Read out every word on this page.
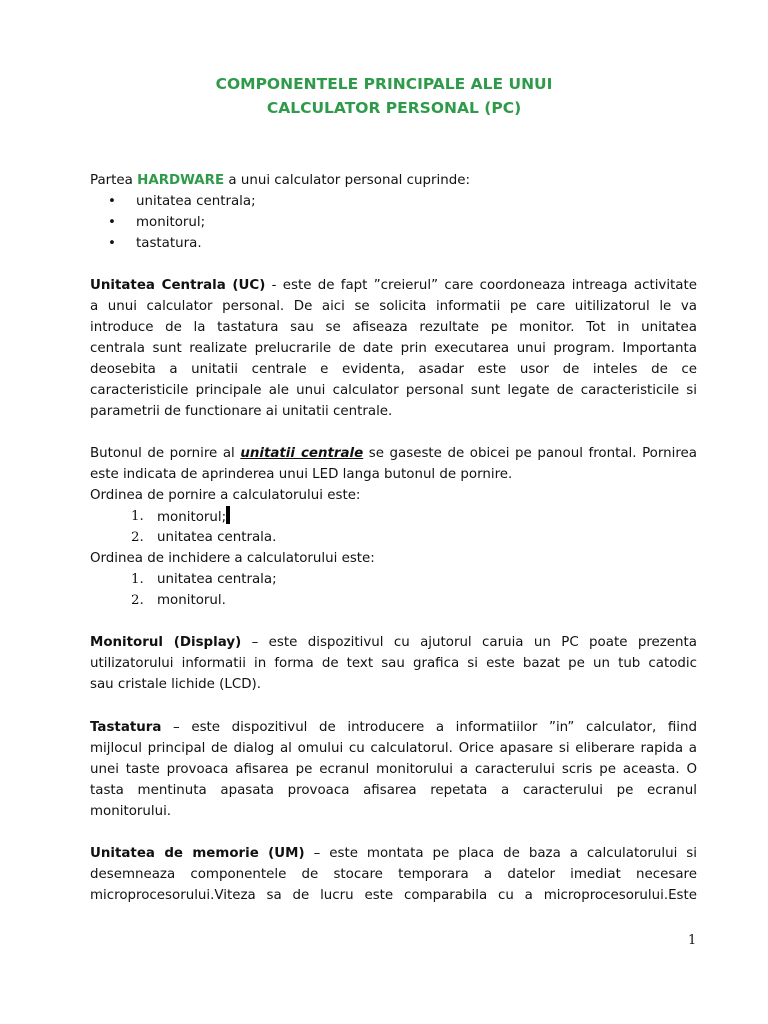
COMPONENTELE PRINCIPALE ALE UNUI
CALCULATOR PERSONAL (PC)
Partea HARDWARE a unui calculator personal cuprinde:
• unitatea centrala;
• monitorul;
• tastatura.
Unitatea Centrala (UC) - este de fapt ”creierul” care coordoneaza intreaga activitate
a unui calculator personal. De aici se solicita informatii pe care uitilizatorul le va
introduce de la tastatura sau se afiseaza rezultate pe monitor. Tot in unitatea
centrala sunt realizate prelucrarile de date prin executarea unui program. Importanta
deosebita a unitatii centrale e evidenta, asadar este usor de inteles de ce
caracteristicile principale ale unui calculator personal sunt legate de caracteristicile si
parametrii de functionare ai unitatii centrale.
Butonul de pornire al unitatii centrale se gaseste de obicei pe panoul frontal. Pornirea
este indicata de aprinderea unui LED langa butonul de pornire.
Ordinea de pornire a calculatorului este:
1. monitorul;
2. unitatea centrala.
Ordinea de inchidere a calculatorului este:
1. unitatea centrala;
2. monitorul.
Monitorul (Display) – este dispozitivul cu ajutorul caruia un PC poate prezenta
utilizatorului informatii in forma de text sau grafica si este bazat pe un tub catodic
sau cristale lichide (LCD).
Tastatura – este dispozitivul de introducere a informatiilor ”in” calculator, fiind
mijlocul principal de dialog al omului cu calculatorul. Orice apasare si eliberare rapida a
unei taste provoaca afisarea pe ecranul monitorului a caracterului scris pe aceasta. O
tasta mentinuta apasata provoaca afisarea repetata a caracterului pe ecranul
monitorului.
Unitatea de memorie (UM) – este montata pe placa de baza a calculatorului si
desemneaza componentele de stocare temporara a datelor imediat necesare
microprocesorului.Viteza sa de lucru este comparabila cu a microprocesorului.Este
1
